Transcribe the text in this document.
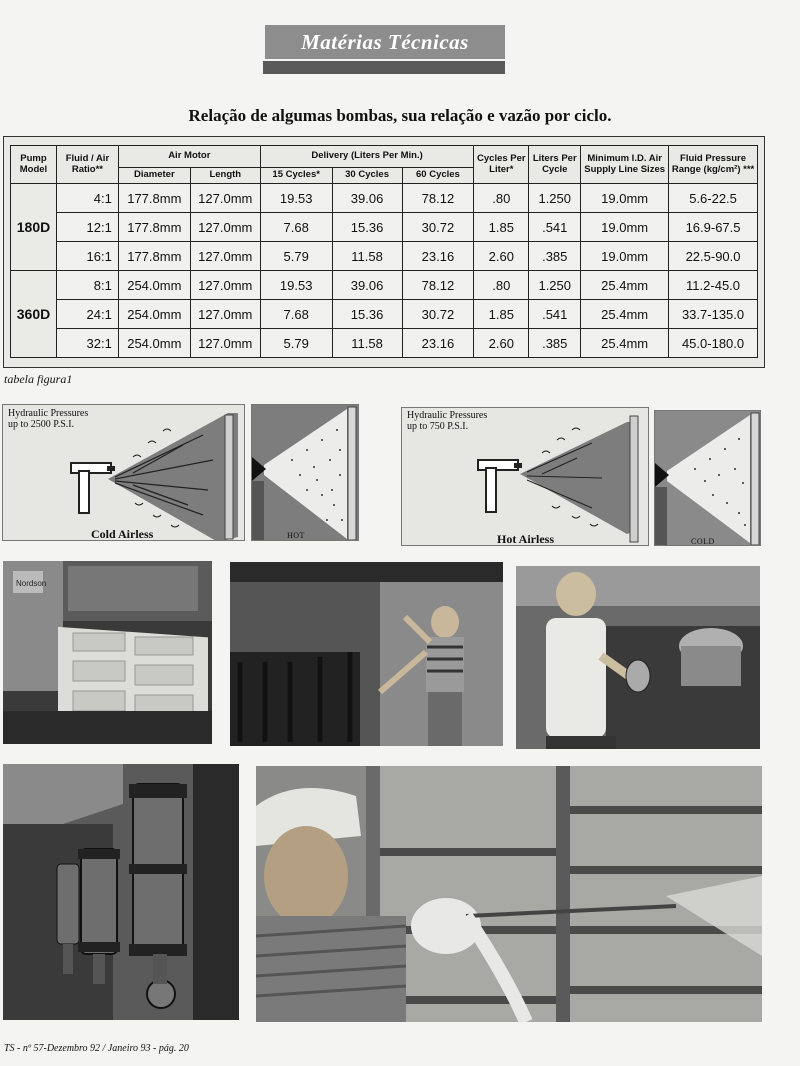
Matérias Técnicas
Relação de algumas bombas, sua relação e vazão por ciclo.
Pump Model	Fluid / Air Ratio**	Air Motor		Delivery (Liters Per Min.)			Cycles Per Liter*	Liters Per Cycle	Minimum I.D. Air Supply Line Sizes	Fluid Pressure Range (kg/cm²) ***
		Diameter	Length	15 Cycles*	30 Cycles	60 Cycles				
180D	4:1	177.8mm	127.0mm	19.53	39.06	78.12	.80	1.250	19.0mm	5.6-22.5
	12:1	177.8mm	127.0mm	7.68	15.36	30.72	1.85	.541	19.0mm	16.9-67.5
	16:1	177.8mm	127.0mm	5.79	11.58	23.16	2.60	.385	19.0mm	22.5-90.0
360D	8:1	254.0mm	127.0mm	19.53	39.06	78.12	.80	1.250	25.4mm	11.2-45.0
	24:1	254.0mm	127.0mm	7.68	15.36	30.72	1.85	.541	25.4mm	33.7-135.0
	32:1	254.0mm	127.0mm	5.79	11.58	23.16	2.60	.385	25.4mm	45.0-180.0
tabela figura1
Hydraulic Pressures
up to 2500 P.S.I.
Cold Airless	HOT
Hydraulic Pressures
up to 750 P.S.I.
Hot Airless	COLD
Nordson
TS - nº 57-Dezembro 92 / Janeiro 93 - pág. 20
